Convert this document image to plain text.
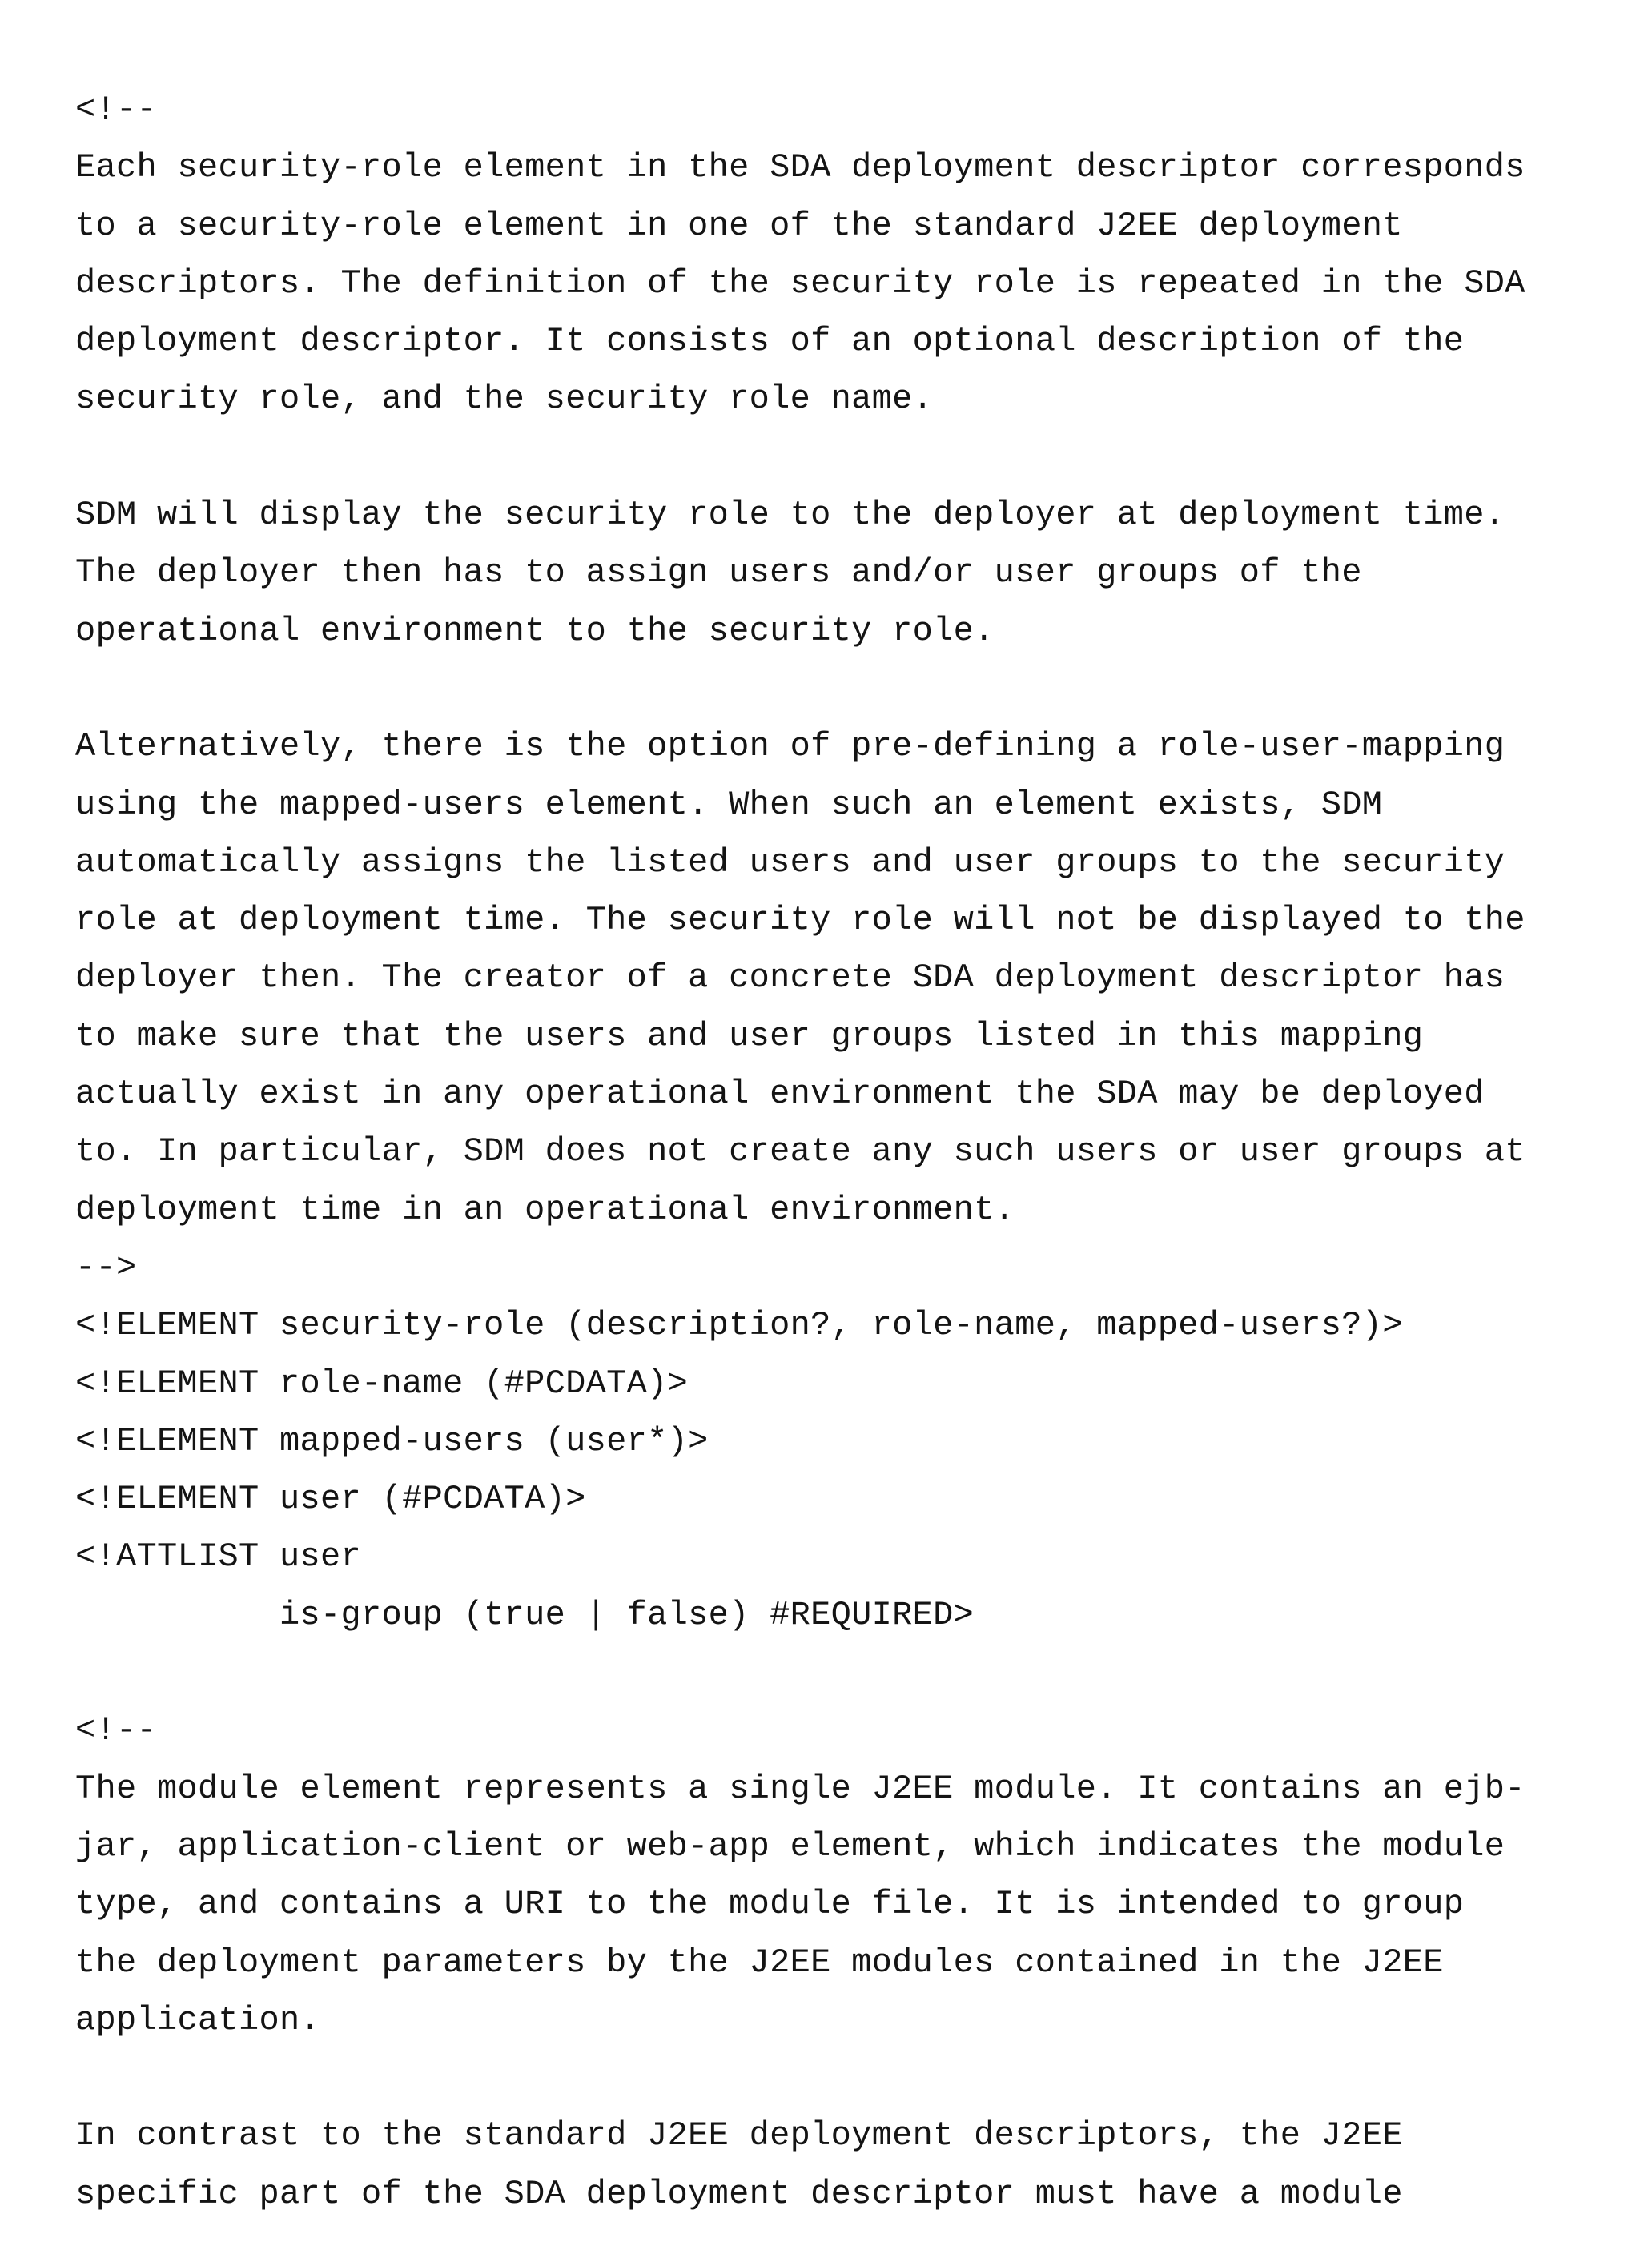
<!--
Each security-role element in the SDA deployment descriptor corresponds
to a security-role element in one of the standard J2EE deployment
descriptors. The definition of the security role is repeated in the SDA
deployment descriptor. It consists of an optional description of the
security role, and the security role name.
SDM will display the security role to the deployer at deployment time.
The deployer then has to assign users and/or user groups of the
operational environment to the security role.
Alternatively, there is the option of pre-defining a role-user-mapping
using the mapped-users element. When such an element exists, SDM
automatically assigns the listed users and user groups to the security
role at deployment time. The security role will not be displayed to the
deployer then. The creator of a concrete SDA deployment descriptor has
to make sure that the users and user groups listed in this mapping
actually exist in any operational environment the SDA may be deployed
to. In particular, SDM does not create any such users or user groups at
deployment time in an operational environment.
-->
<!ELEMENT security-role (description?, role-name, mapped-users?)>
<!ELEMENT role-name (#PCDATA)>
<!ELEMENT mapped-users (user*)>
<!ELEMENT user (#PCDATA)>
<!ATTLIST user
is-group (true | false) #REQUIRED>
<!--
The module element represents a single J2EE module. It contains an ejb-
jar, application-client or web-app element, which indicates the module
type, and contains a URI to the module file. It is intended to group
the deployment parameters by the J2EE modules contained in the J2EE
application.
In contrast to the standard J2EE deployment descriptors, the J2EE
specific part of the SDA deployment descriptor must have a module
